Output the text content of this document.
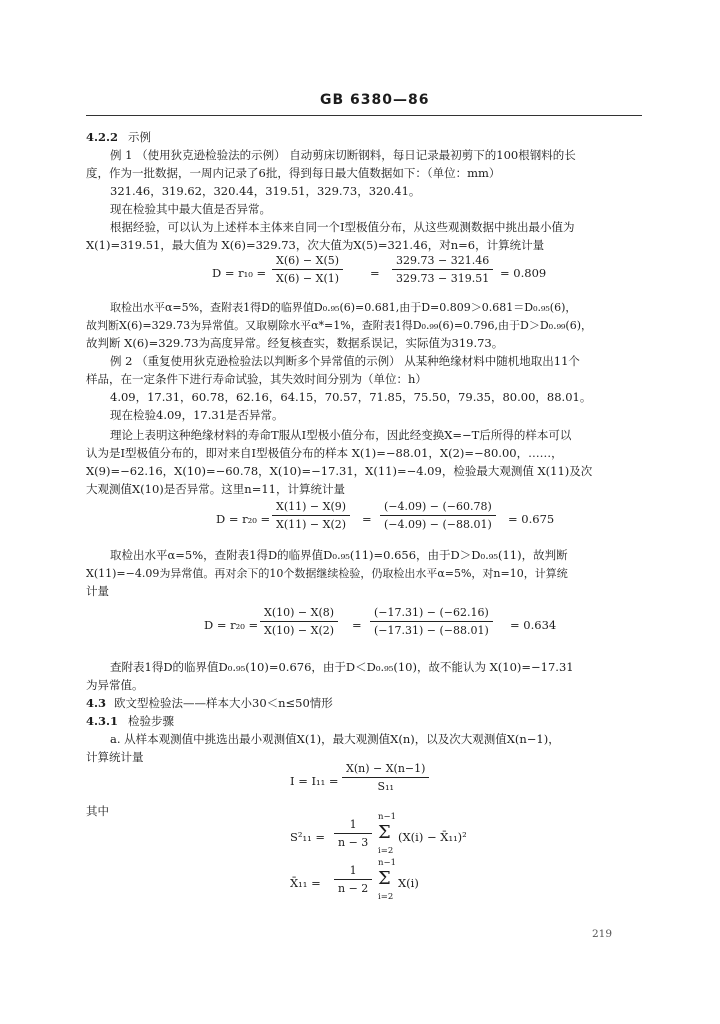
GB 6380—86
4.2.2 示例
例 1 （使用狄克逊检验法的示例） 自动剪床切断钢料，每日记录最初剪下的100根钢料的长
度，作为一批数据，一周内记录了6批，得到每日最大值数据如下：（单位：mm）
321.46，319.62，320.44，319.51，329.73，320.41。
现在检验其中最大值是否异常。
根据经验，可以认为上述样本主体来自同一个Ⅰ型极值分布，从这些观测数据中挑出最小值为
X(1)=319.51，最大值为 X(6)=329.73，次大值为X(5)=321.46，对n=6，计算统计量
D = r₁₀ =
X(6) − X(5)
X(6) − X(1)	=
329.73 − 321.46
329.73 − 319.51 = 0.809
取检出水平α=5%，查附表1得D的临界值D₀.₉₅(6)=0.681,由于D=0.809＞0.681＝D₀.₉₅(6)，
故判断X(6)=329.73为异常值。又取剔除水平α*=1%，查附表1得D₀.₉₉(6)=0.796,由于D＞D₀.₉₉(6)，
故判断 X(6)=329.73为高度异常。经复核查实，数据系误记，实际值为319.73。
例 2 （重复使用狄克逊检验法以判断多个异常值的示例） 从某种绝缘材料中随机地取出11个
样品，在一定条件下进行寿命试验，其失效时间分别为（单位：h）
4.09，17.31，60.78，62.16，64.15，70.57，71.85，75.50，79.35，80.00，88.01。
现在检验4.09，17.31是否异常。
理论上表明这种绝缘材料的寿命T服从Ⅰ型极小值分布，因此经变换X=−T后所得的样本可以
认为是Ⅰ型极值分布的，即对来自Ⅰ型极值分布的样本 X(1)=−88.01，X(2)=−80.00，……，
X(9)=−62.16，X(10)=−60.78，X(10)=−17.31，X(11)=−4.09，检验最大观测值 X(11)及次
大观测值X(10)是否异常。这里n=11，计算统计量
D = r₂₀ =
X(11) − X(9)
X(11) − X(2)	=
(−4.09) − (−60.78)
(−4.09) − (−88.01)	= 0.675
取检出水平α=5%，查附表1得D的临界值D₀.₉₅(11)=0.656，由于D＞D₀.₉₅(11)，故判断
X(11)=−4.09为异常值。再对余下的10个数据继续检验，仍取检出水平α=5%，对n=10，计算统
计量
D = r₂₀ =
X(10) − X(8)
X(10) − X(2)	=
(−17.31) − (−62.16)
(−17.31) − (−88.01)	= 0.634
查附表1得D的临界值D₀.₉₅(10)=0.676，由于D＜D₀.₉₅(10)，故不能认为 X(10)=−17.31
为异常值。
4.3 欧文型检验法——样本大小30＜n≤50情形
4.3.1 检验步骤
a. 从样本观测值中挑选出最小观测值X(1)，最大观测值X(n)，以及次大观测值X(n−1)，
计算统计量
I = I₁₁ =
X(n) − X(n−1)
S₁₁
其中
S²₁₁ =
1
n − 3
n−1
Σ
i=2
(X(i) − X̄₁₁)²
X̄₁₁ =
1
n − 2
n−1
Σ
i=2
X(i)
219
